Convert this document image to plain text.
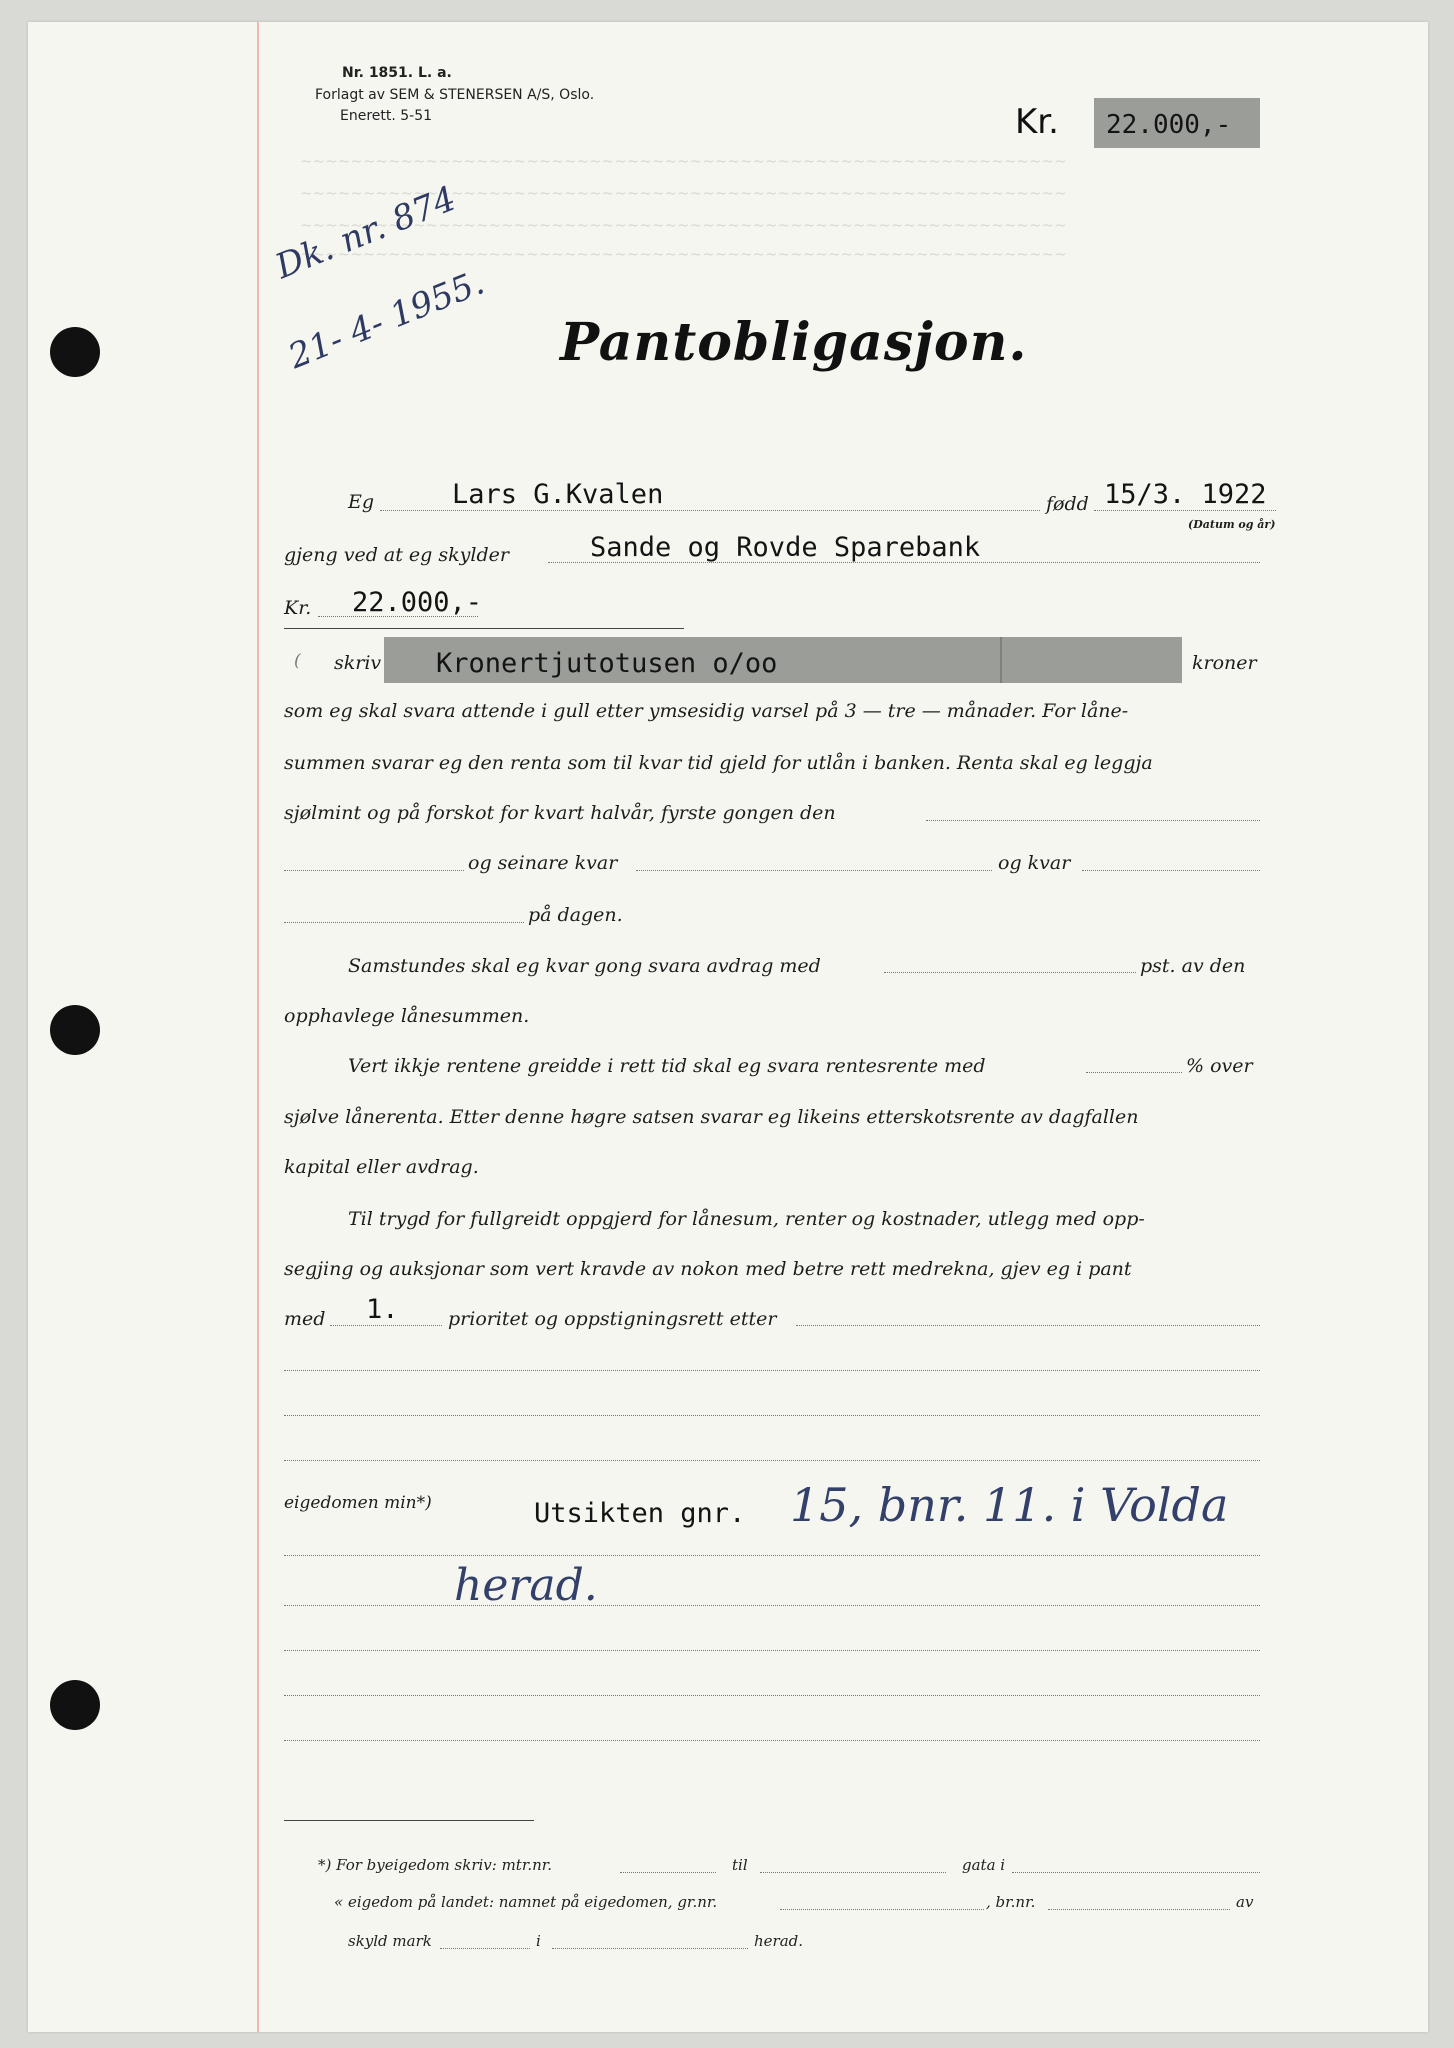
~~~~~~~~~~~~~~~~~~~~~~~~~~~~~~~~~~~~~~~~~~~~~~~~~~~~~~~~~~~~~
~~~~~~~~~~~~~~~~~~~~~~~~~~~~~~~~~~~~~~~~~~~~~~~~~~~~~~~~~~~~~
~~~~~~~~~~~~~~~~~~~~~~~~~~~~~~~~~~~~~~~~~~~~~~~~~~~~~~~~~~~~~
~~~~~~~~~~~~~~~~~~~~~~~~~~~~~~~~~~~~~~~~~~~~~~~~~~~~~~~~~~~~~
Nr. 1851. L. a.
Forlagt av SEM & STENERSEN A/S, Oslo.
Enerett. 5-51	Kr. 22.000,-
Dk. nr. 874
21- 4- 1955. Pantobligasjon.
Eg	Lars G.Kvalen	fødd 15/3. 1922
(Datum og år)
gjeng ved at eg skylder	Sande og Rovde Sparebank
Kr. 22.000,-
( skriv Kronertjutotusen o/oo	kroner
som eg skal svara attende i gull etter ymsesidig varsel på 3 — tre — månader. For låne-
summen svarar eg den renta som til kvar tid gjeld for utlån i banken. Renta skal eg leggja
sjølmint og på forskot for kvart halvår, fyrste gongen den
og seinare kvar	og kvar
på dagen.
Samstundes skal eg kvar gong svara avdrag med	pst. av den
opphavlege lånesummen.
Vert ikkje rentene greidde i rett tid skal eg svara rentesrente med	% over
sjølve lånerenta. Etter denne høgre satsen svarar eg likeins etterskotsrente av dagfallen
kapital eller avdrag.
Til trygd for fullgreidt oppgjerd for lånesum, renter og kostnader, utlegg med opp-
segjing og auksjonar som vert kravde av nokon med betre rett medrekna, gjev eg i pant
med 1.	prioritet og oppstigningsrett etter
eigedomen min*)	Utsikten gnr. 15, bnr. 11. i Volda
herad.
*) For byeigedom skriv: mtr.nr.	til	gata i
« eigedom på landet: namnet på eigedomen, gr.nr.	, br.nr.	av
skyld mark	i	herad.
